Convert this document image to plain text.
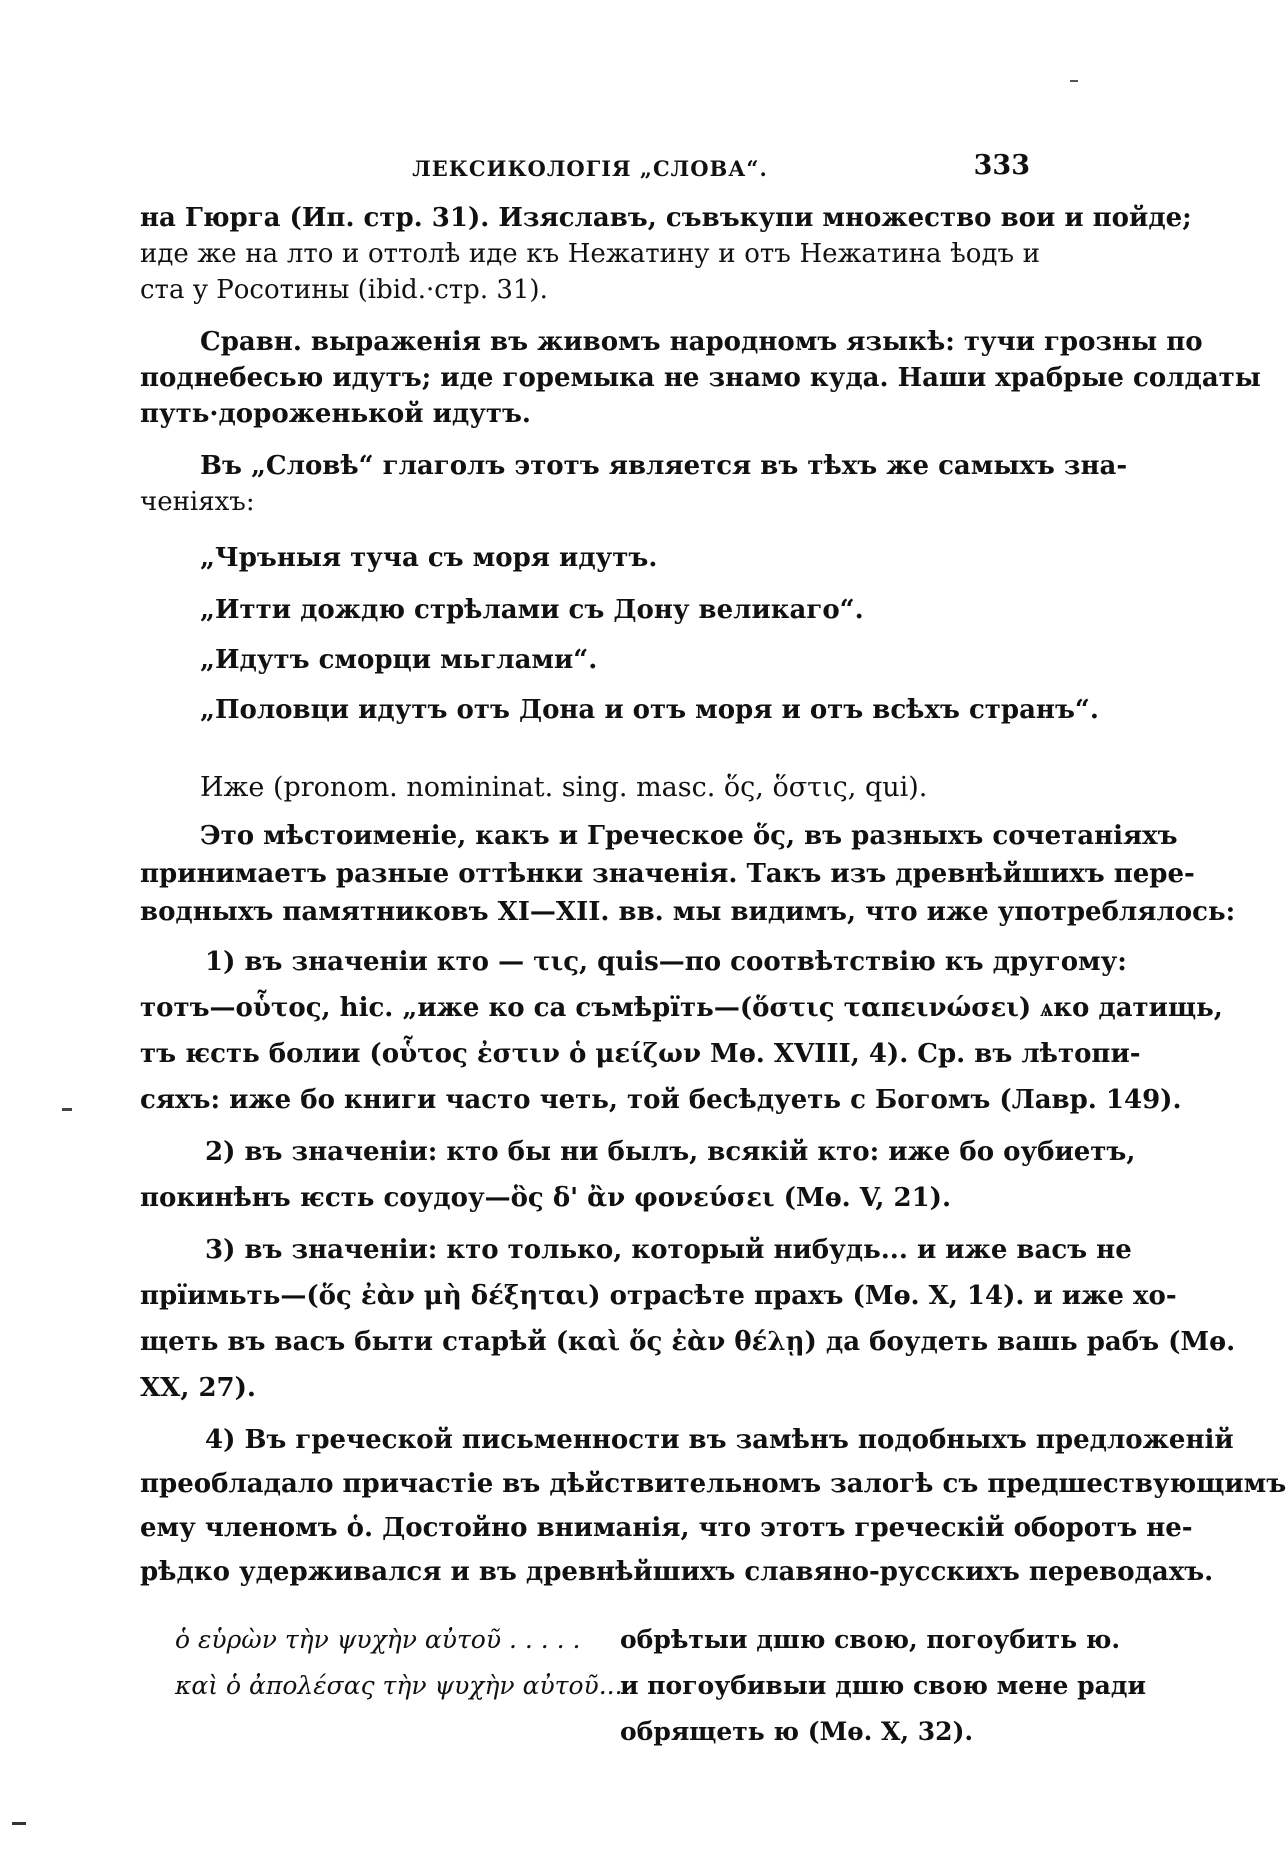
ЛЕКСИКОЛОГІЯ „СЛОВА“.	333
на Гюрга (Ип. стр. 31). Изяславъ, съвъкупи множество вои и пойде;
иде же на лто и оттолѣ иде къ Нежатину и отъ Нежатина ѣодъ и
ста у Росотины (ibid.·стр. 31).
Сравн. выраженія въ живомъ народномъ языкѣ: тучи грозны по
поднебесью идутъ; иде горемыка не знамо куда. Наши храбрые солдаты
путь·дороженькой идутъ.
Въ „Словѣ“ глаголъ этотъ является въ тѣхъ же самыхъ зна-
ченіяхъ:
„Чръныя туча съ моря идутъ.
„Итти дождю стрѣлами съ Дону великаго“.
„Идутъ сморци мьглами“.
„Половци идутъ отъ Дона и отъ моря и отъ всѣхъ странъ“.
Иже (pronom. nomininat. sing. masc. ὅς, ὅστις, qui).
Это мѣстоименіе, какъ и Греческое ὅς, въ разныхъ сочетаніяхъ
принимаетъ разные оттѣнки значенія. Такъ изъ древнѣйшихъ пере-
водныхъ памятниковъ XI—XII. вв. мы видимъ, что иже употреблялось:
1) въ значеніи кто — τις, quis—по соотвѣтствію къ другому:
тотъ—οὗτος, hic. „иже ко са съмѣрїть—(ὅστις ταπεινώσει) ѧко датищь,
тъ ѥсть болии (οὗτος ἐστιν ὁ μείζων Мѳ. XVIII, 4). Ср. въ лѣтопи-
сяхъ: иже бо книги часто четь, той бесѣдуеть с Богомъ (Лавр. 149).
2) въ значеніи: кто бы ни былъ, всякій кто: иже бо оубиетъ,
покинѣнъ ѥсть соудоу—ὃς δ' ἂν φονεύσει (Мѳ. V, 21).
3) въ значеніи: кто только, который нибудь... и иже васъ не
прїимьть—(ὅς ἐὰν μὴ δέξηται) отрасѣте прахъ (Мѳ. X, 14). и иже хо-
щеть въ васъ быти старѣй (καὶ ὅς ἐὰν θέλῃ) да боудеть вашь рабъ (Мѳ.
XX, 27).
4) Въ греческой письменности въ замѣнъ подобныхъ предложеній
преобладало причастіе въ дѣйствительномъ залогѣ съ предшествующимъ
ему членомъ ὁ. Достойно вниманія, что этотъ греческій оборотъ не-
рѣдко удерживался и въ древнѣйшихъ славяно-русскихъ переводахъ.
ὁ εὑρὼν τὴν ψυχὴν αὐτοῦ . . . . .
καὶ ὁ ἀπολέσας τὴν ψυχὴν αὐτοῦ...
обрѣтыи дшю свою, погоубить ю.
и погоубивыи дшю свою мене ради
обрящеть ю (Мѳ. X, 32).
